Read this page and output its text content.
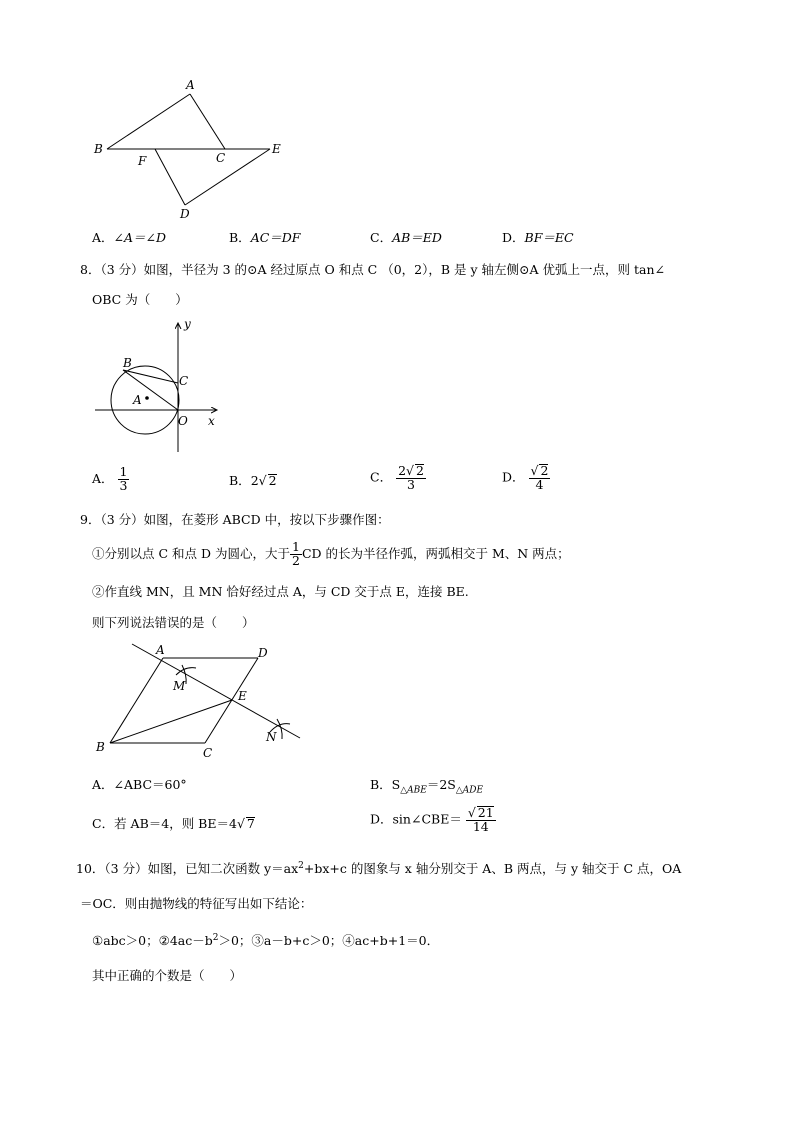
A
B
F	C
E
D
A．∠A＝∠D	B．AC＝DF	C．AB＝ED	D．BF＝EC
8．（3 分）如图，半径为 3 的⊙A 经过原点 O 和点 C （0，2），B 是 y 轴左侧⊙A 优弧上一点，则 tan∠
OBC 为（　　）
y
B
C
A
O x
A． $\frac{1}{3}$	B．2√ 2	C． $\frac{2√ 2}{3}$	D． $\frac{√ 2}{4}$
9．（3 分）如图，在菱形 ABCD 中，按以下步骤作图：
①分别以点 C 和点 D 为圆心，大于 $\frac{1}{2}$ CD 的长为半径作弧，两弧相交于 M、N 两点；
②作直线 MN，且 MN 恰好经过点 A，与 CD 交于点 E，连接 BE.
则下列说法错误的是（　　）
A	D
M
E
N
B	C
A．∠ABC＝60°	B．$S_{\triangle ABE}=2S_{\triangle ADE}$
C．若 AB＝4，则 BE＝4√ 7	D．sin∠CBE＝ $\frac{√ 21}{14}$
10．（3 分）如图，已知二次函数 $y=ax^2+bx+c$ 的图象与 x 轴分别交于 A、B 两点，与 y 轴交于 C 点，OA
＝OC．则由抛物线的特征写出如下结论：
①abc＞0；$②4ac-b^2>0$；③a－b+c＞0；④ac+b+1＝0．
其中正确的个数是（　　）
